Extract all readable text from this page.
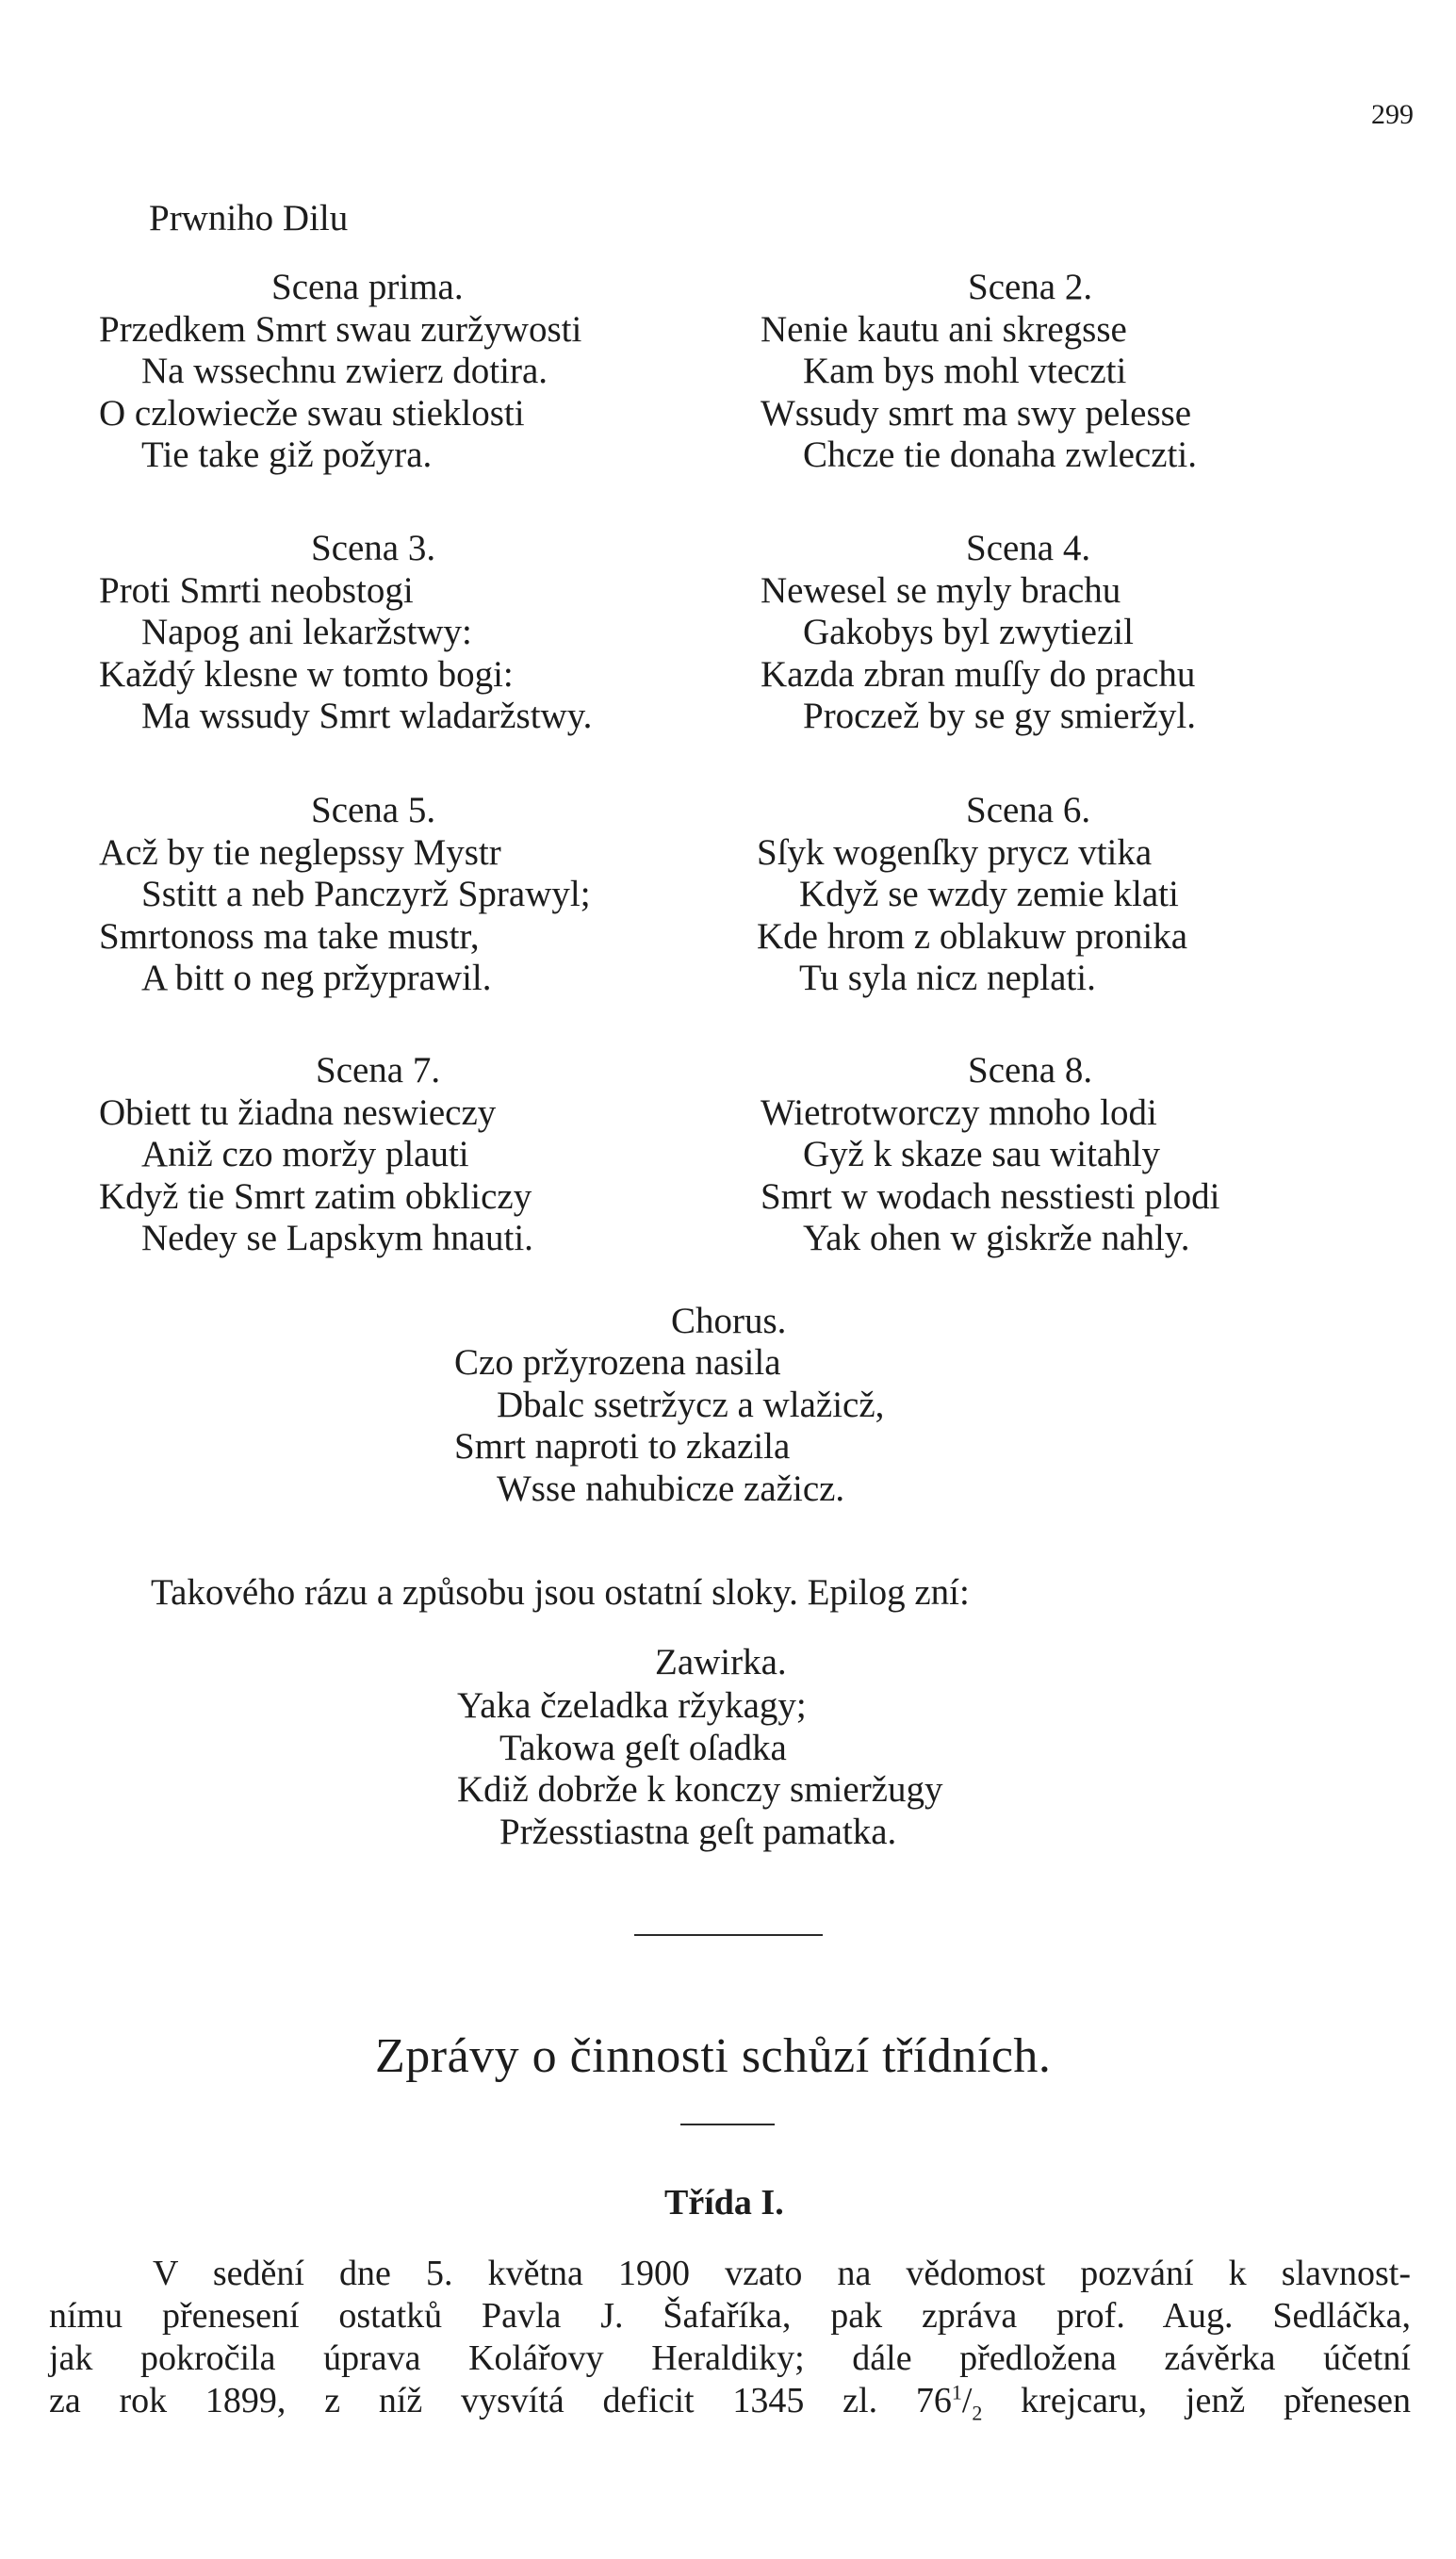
299
Prwniho Dilu
Scena prima.
Przedkem Smrt swau zuržywosti
Na wssechnu zwierz dotira.
O czlowiecže swau stieklosti
Tie take giž požyra.
Scena 2.
Nenie kautu ani skregsse
Kam bys mohl vteczti
Wssudy smrt ma swy pelesse
Chcze tie donaha zwleczti.
Scena 3.
Proti Smrti neobstogi
Napog ani lekaržstwy:
Každý klesne w tomto bogi:
Ma wssudy Smrt wladaržstwy.
Scena 4.
Newesel se myly brachu
Gakobys byl zwytiezil
Kazda zbran muſſy do prachu
Proczež by se gy smieržyl.
Scena 5.
Acž by tie neglepssy Mystr
Sstitt a neb Panczyrž Sprawyl;
Smrtonoss ma take mustr,
A bitt o neg pržyprawil.
Scena 6.
Sſyk wogenſky prycz vtika
Když se wzdy zemie klati
Kde hrom z oblakuw pronika
Tu syla nicz neplati.
Scena 7.
Obiett tu žiadna neswieczy
Aniž czo moržy plauti
Když tie Smrt zatim obkliczy
Nedey se Lapskym hnauti.
Scena 8.
Wietrotworczy mnoho lodi
Gyž k skaze sau witahly
Smrt w wodach nesstiesti plodi
Yak ohen w giskrže nahly.
Chorus.
Czo pržyrozena nasila
Dbalc ssetržycz a wlažicž,
Smrt naproti to zkazila
Wsse nahubicze zažicz.
Takového rázu a způsobu jsou ostatní sloky. Epilog zní:
Zawirka.
Yaka čzeladka ržykagy;
Takowa geſt oſadka
Kdiž dobrže k konczy smieržugy
Pržesstiastna geſt pamatka.
Zprávy o činnosti schůzí třídních.
Třída I.
V sedění dne 5. května 1900 vzato na vědomost pozvání k slavnost-
nímu přenesení ostatků Pavla J. Šafaříka, pak zpráva prof. Aug. Sedláčka,
jak pokročila úprava Kolářovy Heraldiky; dále předložena závěrka účetní
za rok 1899, z níž vysvítá deficit 1345 zl. $76^1/_2$ krejcaru, jenž přenesen
